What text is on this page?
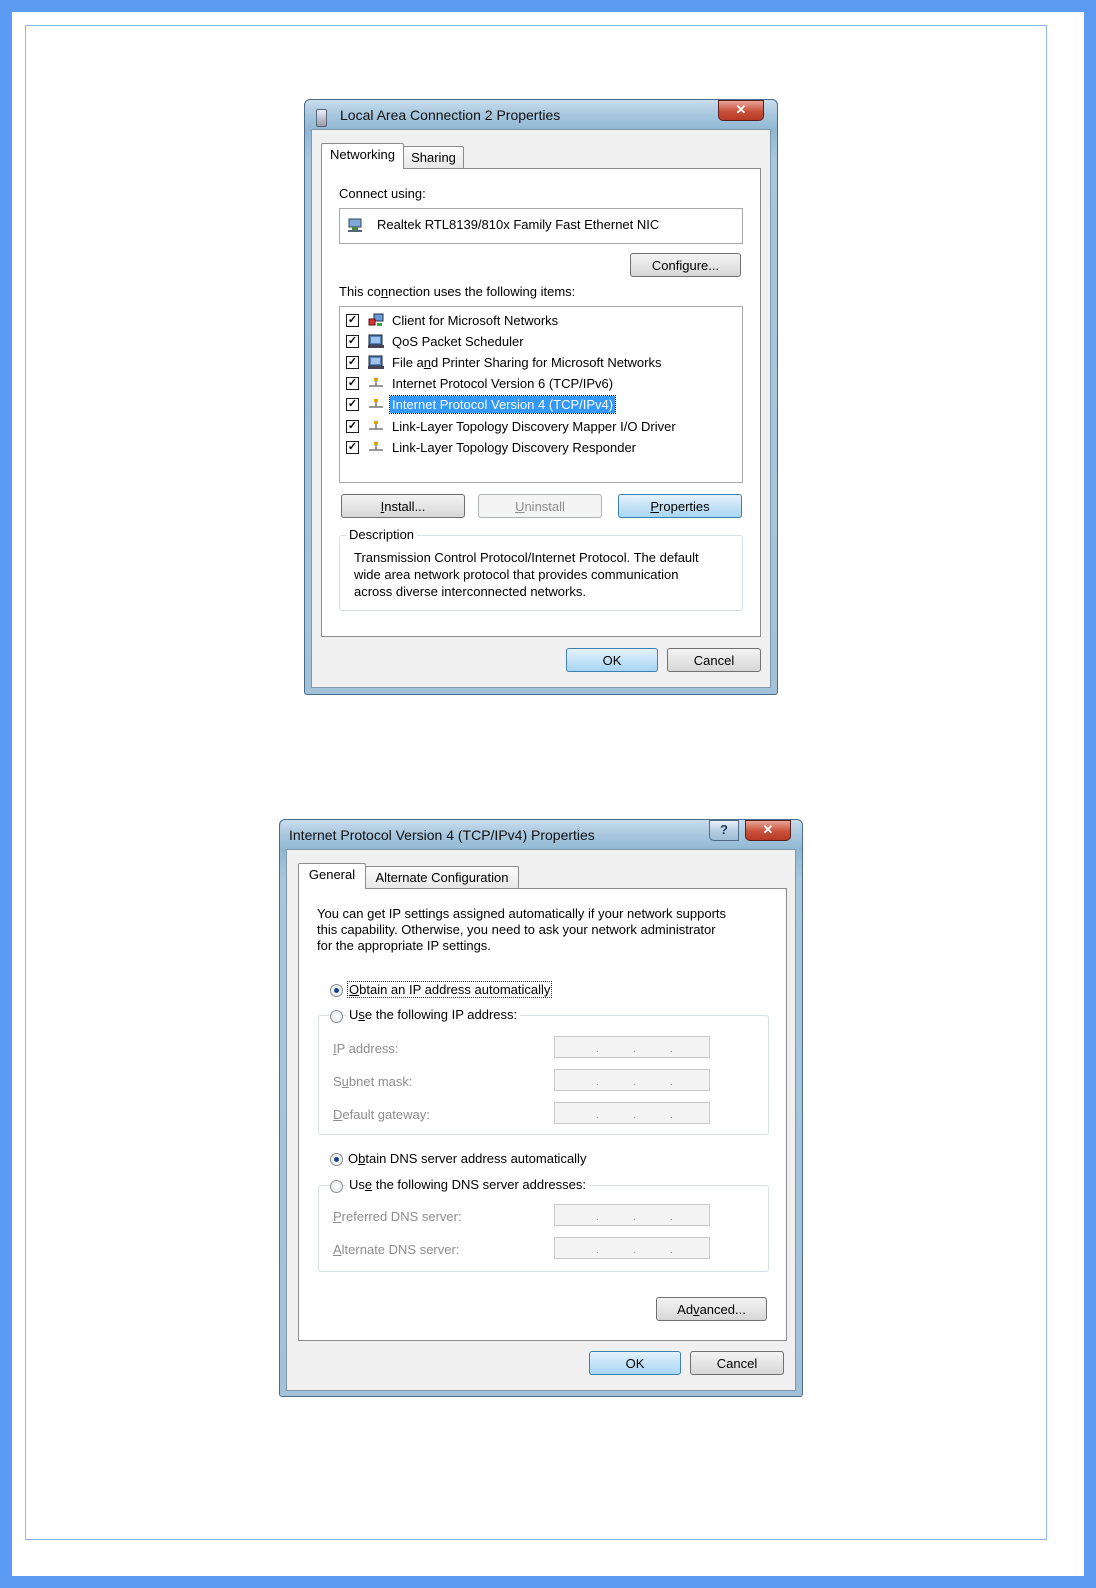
Local Area Connection 2 Properties	✕
Networking	Sharing
Connect using:
Realtek RTL8139/810x Family Fast Ethernet NIC
Configure...
This connection uses the following items:
✓	Client for Microsoft Networks
✓	QoS Packet Scheduler
✓	File and Printer Sharing for Microsoft Networks
✓	Internet Protocol Version 6 (TCP/IPv6)
✓	Internet Protocol Version 4 (TCP/IPv4)
✓	Link-Layer Topology Discovery Mapper I/O Driver
✓	Link-Layer Topology Discovery Responder
Install...	Uninstall	Properties
Description
Transmission Control Protocol/Internet Protocol. The default
wide area network protocol that provides communication
across diverse interconnected networks.
OK	Cancel
Internet Protocol Version 4 (TCP/IPv4) Properties	?	✕
General	Alternate Configuration
You can get IP settings assigned automatically if your network supports
this capability. Otherwise, you need to ask your network administrator
for the appropriate IP settings.
Obtain an IP address automatically
Use the following IP address:
IP address:	.	.	.
Subnet mask:	.	.	.
Default gateway:	.	.	.
Obtain DNS server address automatically
Use the following DNS server addresses:
Preferred DNS server:	.	.	.
Alternate DNS server:	.	.	.
Advanced...
OK	Cancel
